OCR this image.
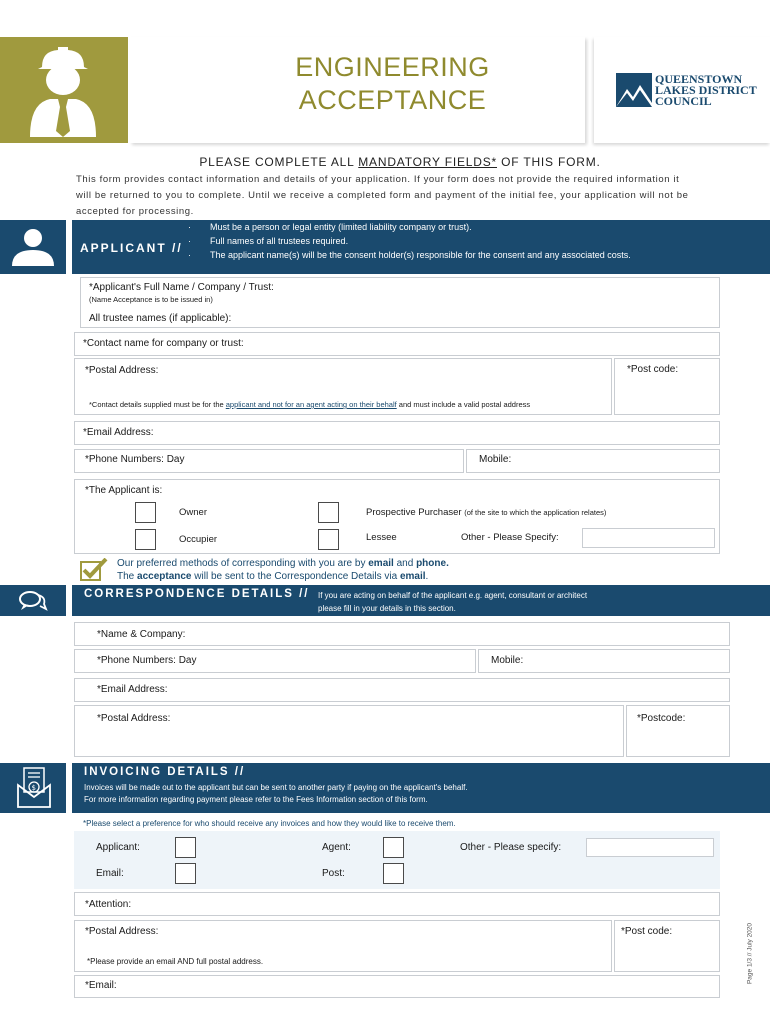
ENGINEERING
ACCEPTANCE
QUEENSTOWN
LAKES DISTRICT
COUNCIL
PLEASE COMPLETE ALL MANDATORY FIELDS* OF THIS FORM.
This form provides contact information and details of your application. If your form does not provide the required information it
will be returned to you to complete. Until we receive a completed form and payment of the initial fee, your application will not be
accepted for processing.
APPLICANT //
· Must be a person or legal entity (limited liability company or trust).
· Full names of all trustees required.
· The applicant name(s) will be the consent holder(s) responsible for the consent and any associated costs.
*Applicant's Full Name / Company / Trust:
(Name Acceptance is to be issued in)
All trustee names (if applicable):
*Contact name for company or trust:
*Postal Address:
*Contact details supplied must be for the applicant and not for an agent acting on their behalf and must include a valid postal address
*Post code:
*Email Address:
*Phone Numbers: Day	Mobile:
*The Applicant is:
Owner	Prospective Purchaser (of the site to which the application relates)
Occupier	Lessee	Other - Please Specify:
Our preferred methods of corresponding with you are by email and phone.
The acceptance will be sent to the Correspondence Details via email.
CORRESPONDENCE DETAILS // If you are acting on behalf of the applicant e.g. agent, consultant or architect
please fill in your details in this section.
*Name & Company:
*Phone Numbers: Day	Mobile:
*Email Address:
*Postal Address:	*Postcode:
$
INVOICING DETAILS //
Invoices will be made out to the applicant but can be sent to another party if paying on the applicant's behalf.
For more information regarding payment please refer to the Fees Information section of this form.
*Please select a preference for who should receive any invoices and how they would like to receive them.
Applicant:	Agent:	Other - Please specify:
Email:	Post:
*Attention:
*Postal Address:
*Please provide an email AND full postal address.
*Post code:
*Email:
Page 1/3 // July 2020
